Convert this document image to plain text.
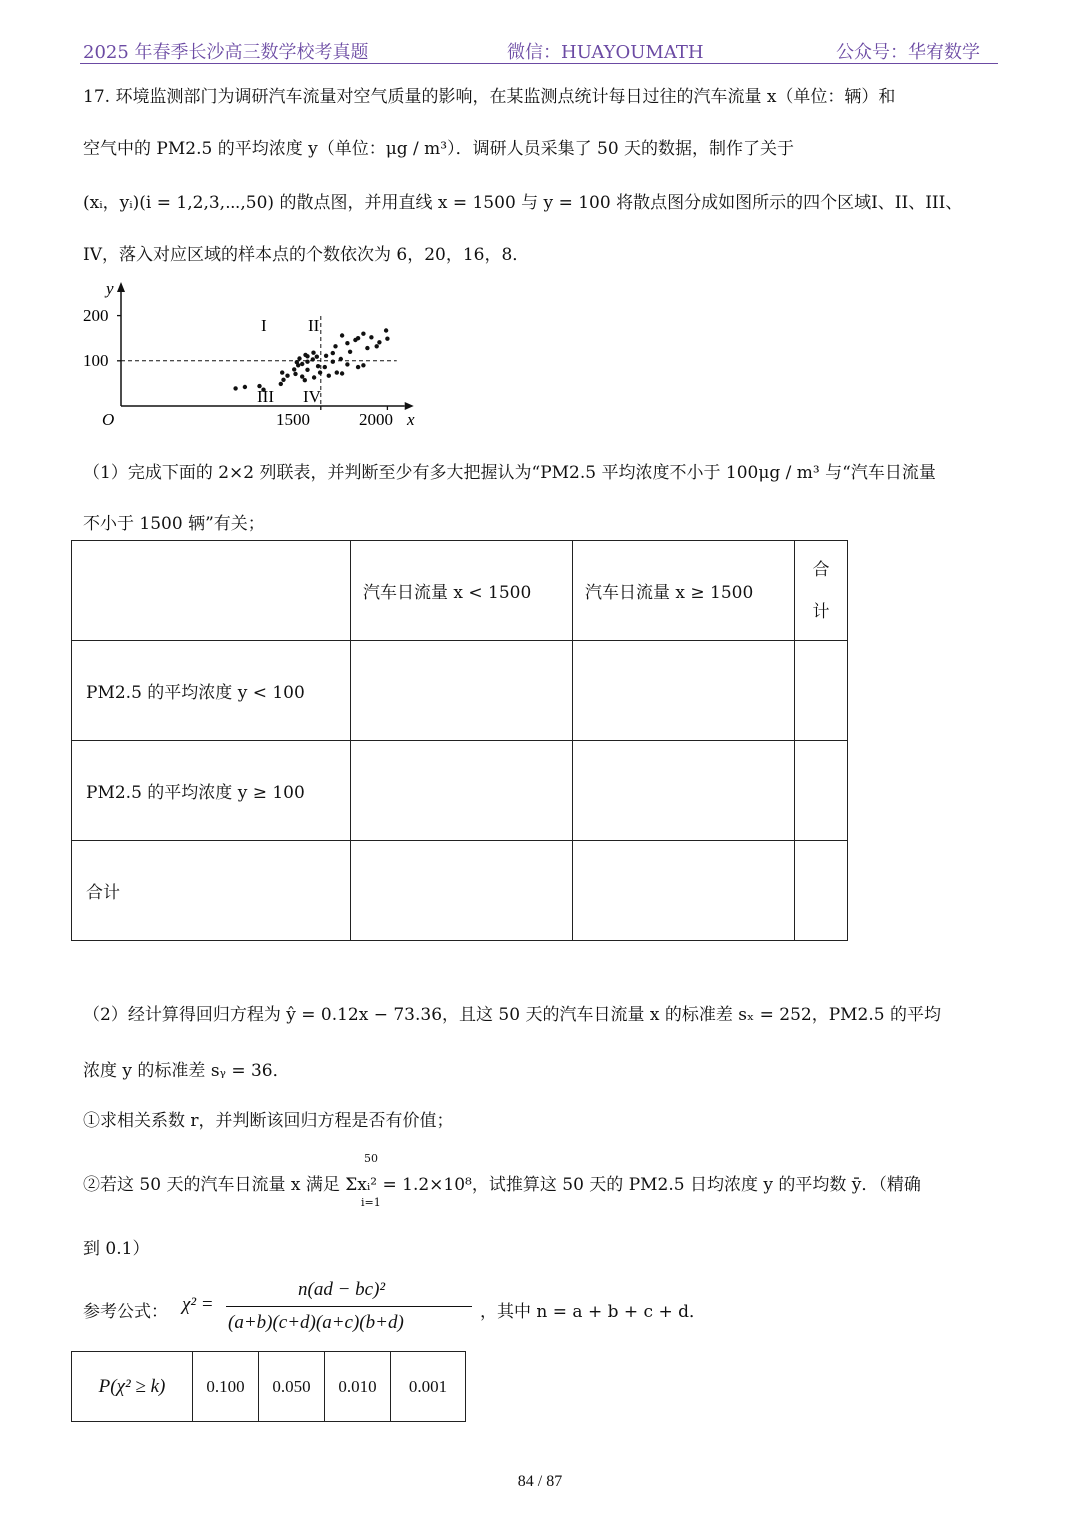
2025 年春季长沙高三数学校考真题	微信：HUAYOUMATH	公众号：华宥数学
17. 环境监测部门为调研汽车流量对空气质量的影响，在某监测点统计每日过往的汽车流量 x（单位：辆）和
空气中的 PM2.5 的平均浓度 y（单位：μg / m³）．调研人员采集了 50 天的数据，制作了关于
(xᵢ，yᵢ)(i = 1,2,3,⋯,50) 的散点图，并用直线 x = 1500 与 y = 100 将散点图分成如图所示的四个区域I、II、III、
IV，落入对应区域的样本点的个数依次为 6，20，16，8．
y
x
O
200
100
1500	2000
I II
III IV
（1）完成下面的 2×2 列联表，并判断至少有多大把握认为“PM2.5 平均浓度不小于 100μg / m³ 与“汽车日流量
不小于 1500 辆”有关；
	汽车日流量 x < 1500	汽车日流量 x ≥ 1500	合
计

PM2.5 的平均浓度 y < 100			
PM2.5 的平均浓度 y ≥ 100			
合计			
（2）经计算得回归方程为 ŷ = 0.12x − 73.36，且这 50 天的汽车日流量 x 的标准差 sₓ = 252，PM2.5 的平均
浓度 y 的标准差 sᵧ = 36．
①求相关系数 r，并判断该回归方程是否有价值；
②若这 50 天的汽车日流量 x 满足 Σxᵢ² = 1.2×10⁸，试推算这 50 天的 PM2.5 日均浓度 y 的平均数 ȳ．（精确
50
i=1
到 0.1）
参考公式： χ² =
n(ad − bc)²
(a+b)(c+d)(a+c)(b+d)	，其中 n = a + b + c + d．
P(χ² ≥ k)	0.100	0.050	0.010	0.001
84 / 87
